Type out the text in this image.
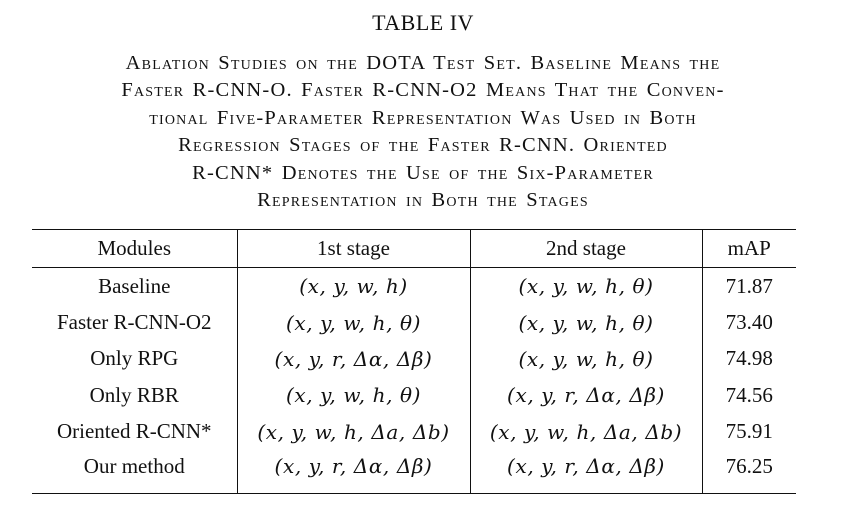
TABLE IV
Ablation Studies on the DOTA Test Set. Baseline Means the
Faster R-CNN-O. Faster R-CNN-O2 Means That the Conven-
tional Five-Parameter Representation Was Used in Both
Regression Stages of the Faster R-CNN. Oriented
R-CNN* Denotes the Use of the Six-Parameter
Representation in Both the Stages
Modules	1st stage	2nd stage	mAP
Baseline	(x, y, w, h)	(x, y, w, h, θ)	71.87
Faster R-CNN-O2	(x, y, w, h, θ)	(x, y, w, h, θ)	73.40
Only RPG	(x, y, r, Δα, Δβ)	(x, y, w, h, θ)	74.98
Only RBR	(x, y, w, h, θ)	(x, y, r, Δα, Δβ)	74.56
Oriented R-CNN*	(x, y, w, h, Δa, Δb)	(x, y, w, h, Δa, Δb)	75.91
Our method	(x, y, r, Δα, Δβ)	(x, y, r, Δα, Δβ)	76.25
